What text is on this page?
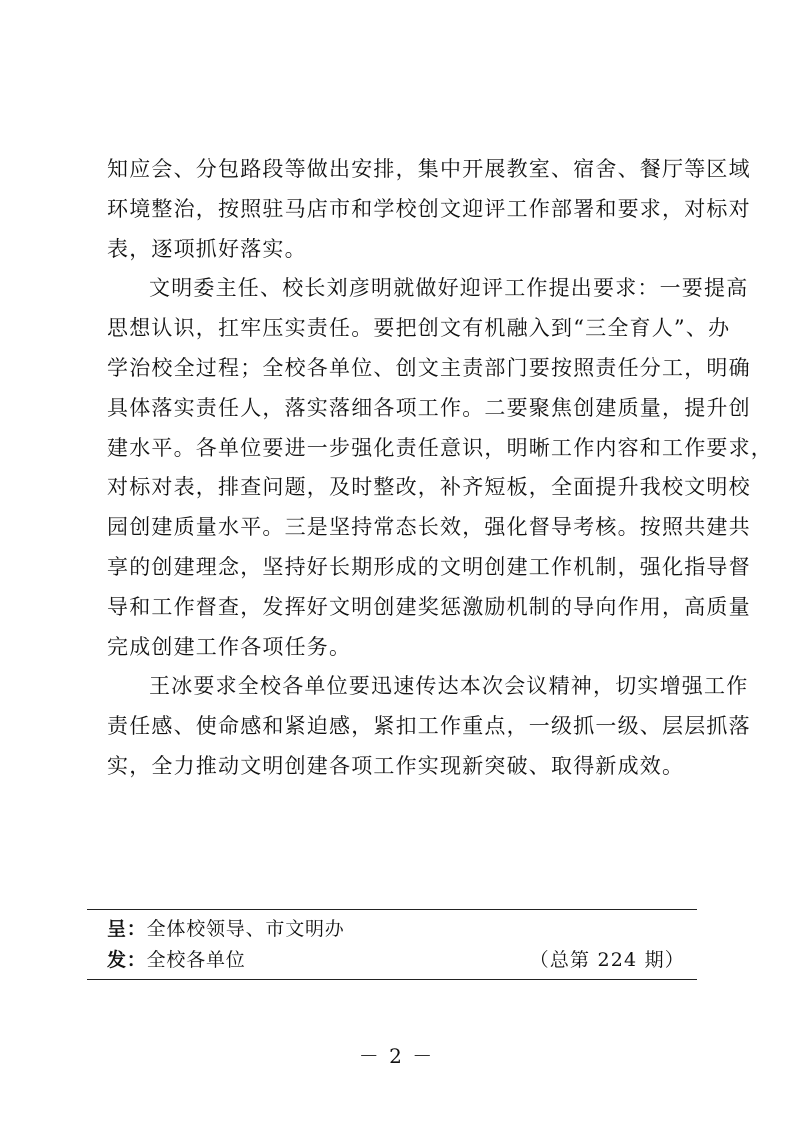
知应会、分包路段等做出安排，集中开展教室、宿舍、餐厅等区域
环境整治，按照驻马店市和学校创文迎评工作部署和要求，对标对
表，逐项抓好落实。

文明委主任、校长刘彦明就做好迎评工作提出要求：一要提高
思想认识，扛牢压实责任。要把创文有机融入到“三全育人”、办
学治校全过程；全校各单位、创文主责部门要按照责任分工，明确
具体落实责任人，落实落细各项工作。二要聚焦创建质量，提升创
建水平。各单位要进一步强化责任意识，明晰工作内容和工作要求，
对标对表，排查问题，及时整改，补齐短板，全面提升我校文明校
园创建质量水平。三是坚持常态长效，强化督导考核。按照共建共
享的创建理念，坚持好长期形成的文明创建工作机制，强化指导督
导和工作督查，发挥好文明创建奖惩激励机制的导向作用，高质量
完成创建工作各项任务。

王冰要求全校各单位要迅速传达本次会议精神，切实增强工作
责任感、使命感和紧迫感，紧扣工作重点，一级抓一级、层层抓落
实，全力推动文明创建各项工作实现新突破、取得新成效。

呈：全体校领导、市文明办
发：全校各单位	（总第 224 期）
－ 2 －
